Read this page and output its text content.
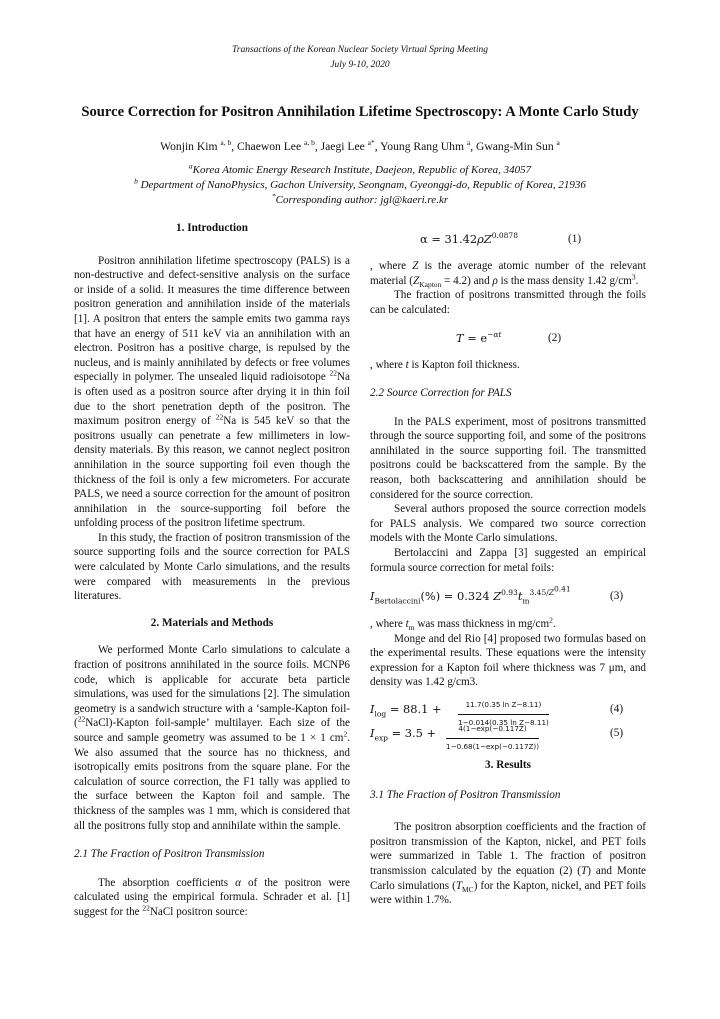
Transactions of the Korean Nuclear Society Virtual Spring Meeting
July 9-10, 2020
Source Correction for Positron Annihilation Lifetime Spectroscopy: A Monte Carlo Study
Wonjin Kim $^{a, b}$, Chaewon Lee $^{a, b}$, Jaegi Lee $^{a*}$, Young Rang Uhm $^a$, Gwang-Min Sun $^a$
$^a$Korea Atomic Energy Research Institute, Daejeon, Republic of Korea, 34057
$^b$ Department of NanoPhysics, Gachon University, Seongnam, Gyeonggi-do, Republic of Korea, 21936
*Corresponding author: jgl@kaeri.re.kr
1. Introduction

Positron annihilation lifetime spectroscopy (PALS) is a non-destructive and defect-sensitive analysis on the surface or inside of a solid. It measures the time difference between positron generation and annihilation inside of the materials [1]. A positron that enters the sample emits two gamma rays that have an energy of 511 keV via an annihilation with an electron. Positron has a positive charge, is repulsed by the nucleus, and is mainly annihilated by defects or free volumes especially in polymer. The unsealed liquid radioisotope $^{22}$Na is often used as a positron source after drying it in thin foil due to the short penetration depth of the positron. The maximum positron energy of $^{22}$Na is 545 keV so that the positrons usually can penetrate a few millimeters in low-density materials. By this reason, we cannot neglect positron annihilation in the source supporting foil even though the thickness of the foil is only a few micrometers. For accurate PALS, we need a source correction for the amount of positron annihilation in the source-supporting foil before the unfolding process of the positron lifetime spectrum.

In this study, the fraction of positron transmission of the source supporting foils and the source correction for PALS were calculated by Monte Carlo simulations, and the results were compared with measurements in the previous literatures.

2. Materials and Methods

We performed Monte Carlo simulations to calculate a fraction of positrons annihilated in the source foils. MCNP6 code, which is applicable for accurate beta particle simulations, was used for the simulations [2]. The simulation geometry is a sandwich structure with a ‘sample-Kapton foil-($^{22}$NaCl)-Kapton foil-sample’ multilayer. Each size of the source and sample geometry was assumed to be 1 × 1 $cm^2$. We also assumed that the source has no thickness, and isotropically emits positrons from the square plane. For the calculation of source correction, the F1 tally was applied to the surface between the Kapton foil and sample. The thickness of the samples was 1 mm, which is considered that all the positrons fully stop and annihilate within the sample.

2.1 The Fraction of Positron Transmission

The absorption coefficients α of the positron were calculated using the empirical formula. Schrader et al. [1] suggest for the $^{22}$NaCl positron source:

$\alpha = 31.42\rho Z^{0.0878}$	(1)

, where Z is the average atomic number of the relevant material $(Z_{Kapton} = 4.2)$ and ρ is the mass density 1.42 $g/cm^3$.

The fraction of positrons transmitted through the foils can be calculated:

$T = e^{-\alpha t}$	(2)

, where t is Kapton foil thickness.

2.2 Source Correction for PALS

In the PALS experiment, most of positrons transmitted through the source supporting foil, and some of the positrons annihilated in the source supporting foil. The transmitted positrons could be backscattered from the sample. By the reason, both backscattering and annihilation should be considered for the source correction.

Several authors proposed the source correction models for PALS analysis. We compared two source correction models with the Monte Carlo simulations.

Bertolaccini and Zappa [3] suggested an empirical formula source correction for metal foils:

$I_{Bertolaccini}(\%) = 0.324$ $Z^{0.93}t_m^{3.45/Z^{0.41}}$
(3)

, where $t_m$ was mass thickness in $mg/cm^2$.

Monge and del Rio [4] proposed two formulas based on the experimental results. These equations were the intensity expression for a Kapton foil where thickness was 7 μm, and density was 1.42 g/cm3.

$I_{log} = 88.1 + \frac{\text{11.7(0.35 ln Z−8.11)}}{\text{1−0.014(0.35 ln Z−8.11)}}$	(4)
$I_{exp} = 3.5 + \frac{4(1-\exp(-0.117Z)}{1-0.68(1-\exp(-0.117Z))}$	(5)
3. Results
3.1 The Fraction of Positron Transmission

The positron absorption coefficients and the fraction of positron transmission of the Kapton, nickel, and PET foils were summarized in Table 1. The fraction of positron transmission calculated by the equation (2) (T) and Monte Carlo simulations $(T_{MC})$ for the Kapton, nickel, and PET foils were within 1.7%.
